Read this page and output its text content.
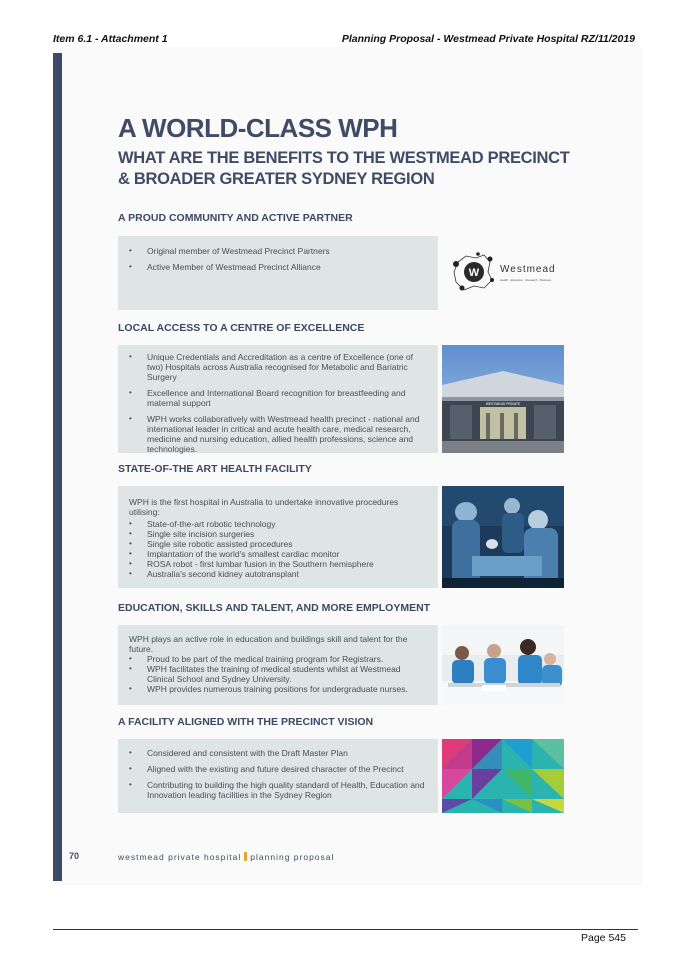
Item 6.1 - Attachment 1	Planning Proposal - Westmead Private Hospital RZ/11/2019
A WORLD-CLASS WPH
WHAT ARE THE BENEFITS TO THE WESTMEAD PRECINCT & BROADER GREATER SYDNEY REGION
A PROUD COMMUNITY AND ACTIVE PARTNER
• Original member of Westmead Precinct Partners
• Active Member of Westmead Precinct Alliance	W Westmead
Health · Education · Research · Business
LOCAL ACCESS TO A CENTRE OF EXCELLENCE
• Unique Credentials and Accreditation as a centre of Excellence (one of two) Hospitals across Australia recognised for Metabolic and Bariatric Surgery
• Excellence and International Board recognition for breastfeeding and maternal support
• WPH works collaboratively with Westmead health precinct - national and international leader in critical and acute health care, medical research, medicine and nursing education, allied health professions, science and technologies.
WESTMEAD PRIVATE
STATE-OF-THE ART HEALTH FACILITY

WPH is the first hospital in Australia to undertake innovative procedures utilising:

• State-of-the-art robotic technology
• Single site incision surgeries
• Single site robotic assisted procedures
• Implantation of the world's smallest cardiac monitor
• ROSA robot - first lumbar fusion in the Southern hemisphere
• Australia's second kidney autotransplant
EDUCATION, SKILLS AND TALENT, AND MORE EMPLOYMENT

WPH plays an active role in education and buildings skill and talent for the future.

• Proud to be part of the medical training program for Registrars.
• WPH facilitates the training of medical students whilst at Westmead Clinical School and Sydney University.
• WPH provides numerous training positions for undergraduate nurses.
A FACILITY ALIGNED WITH THE PRECINCT VISION
• Considered and consistent with the Draft Master Plan
• Aligned with the existing and future desired character of the Precinct
• Contributing to building the high quality standard of Health, Education and Innovation leading facilities in the Sydney Region
70	westmead private hospital planning proposal
Page 545
